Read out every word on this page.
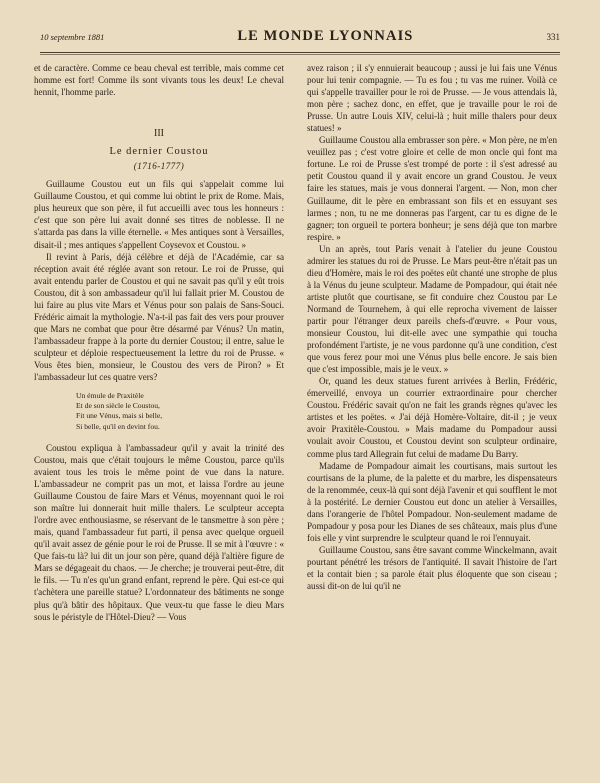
10 septembre 1881	LE MONDE LYONNAIS	331

et de caractère. Comme ce beau cheval est terrible, mais comme cet homme est fort! Comme ils sont vivants tous les deux! Le cheval hennit, l'homme parle.

III
Le dernier Coustou
(1716-1777)

Guillaume Coustou eut un fils qui s'appelait comme lui Guillaume Coustou, et qui comme lui obtint le prix de Rome. Mais, plus heureux que son père, il fut accueilli avec tous les honneurs : c'est que son père lui avait donné ses titres de noblesse. Il ne s'attarda pas dans la ville éternelle. « Mes antiques sont à Versailles, disait-il ; mes antiques s'appellent Coysevox et Coustou. »

Il revint à Paris, déjà célèbre et déjà de l'Académie, car sa réception avait été réglée avant son retour. Le roi de Prusse, qui avait entendu parler de Coustou et qui ne savait pas qu'il y eût trois Coustou, dit à son ambassadeur qu'il lui fallait prier M. Coustou de lui faire au plus vite Mars et Vénus pour son palais de Sans-Souci. Frédéric aimait la mythologie. N'a-t-il pas fait des vers pour prouver que Mars ne combat que pour être désarmé par Vénus? Un matin, l'ambassadeur frappe à la porte du dernier Coustou; il entre, salue le sculpteur et déploie respectueusement la lettre du roi de Prusse. « Vous êtes bien, monsieur, le Coustou des vers de Piron? » Et l'ambassadeur lut ces quatre vers?

Un émule de Praxitèle
Et de son siècle le Coustou,
Fit une Vénus, mais si belle,
Si belle, qu'il en devint fou.

Coustou expliqua à l'ambassadeur qu'il y avait la trinité des Coustou, mais que c'était toujours le même Coustou, parce qu'ils avaient tous les trois le même point de vue dans la nature. L'ambassadeur ne comprit pas un mot, et laissa l'ordre au jeune Guillaume Coustou de faire Mars et Vénus, moyennant quoi le roi son maître lui donnerait huit mille thalers. Le sculpteur accepta l'ordre avec enthousiasme, se réservant de le tansmettre à son père ; mais, quand l'ambassadeur fut parti, il pensa avec quelque orgueil qu'il avait assez de génie pour le roi de Prusse. Il se mit à l'œuvre : « Que fais-tu là? lui dit un jour son père, quand déjà l'altière figure de Mars se dégageait du chaos. — Je cherche; je trouverai peut-être, dit le fils. — Tu n'es qu'un grand enfant, reprend le père. Qui est-ce qui t'achètera une pareille statue? L'ordonnateur des bâtiments ne songe plus qu'à bâtir des hôpitaux. Que veux-tu que fasse le dieu Mars sous le péristyle de l'Hôtel-Dieu? — Vous

avez raison ; il s'y ennuierait beaucoup ; aussi je lui fais une Vénus pour lui tenir compagnie. — Tu es fou ; tu vas me ruiner. Voilà ce qui s'appelle travailler pour le roi de Prusse. — Je vous attendais là, mon père ; sachez donc, en effet, que je travaille pour le roi de Prusse. Un autre Louis XIV, celui-là ; huit mille thalers pour deux statues! »

Guillaume Coustou alla embrasser son père. « Mon père, ne m'en veuillez pas ; c'est votre gloire et celle de mon oncle qui font ma fortune. Le roi de Prusse s'est trompé de porte : il s'est adressé au petit Coustou quand il y avait encore un grand Coustou. Je veux faire les statues, mais je vous donnerai l'argent. — Non, mon cher Guillaume, dit le père en embrassant son fils et en essuyant ses larmes ; non, tu ne me donneras pas l'argent, car tu es digne de le gagner; ton orgueil te portera bonheur; je sens déjà que ton marbre respire. »

Un an après, tout Paris venait à l'atelier du jeune Coustou admirer les statues du roi de Prusse. Le Mars peut-être n'était pas un dieu d'Homère, mais le roi des poëtes eût chanté une strophe de plus à la Vénus du jeune sculpteur. Madame de Pompadour, qui était née artiste plutôt que courtisane, se fit conduire chez Coustou par Le Normand de Tournehem, à qui elle reprocha vivement de laisser partir pour l'étranger deux pareils chefs-d'œuvre. « Pour vous, monsieur Coustou, lui dit-elle avec une sympathie qui toucha profondément l'artiste, je ne vous pardonne qu'à une condition, c'est que vous ferez pour moi une Vénus plus belle encore. Je sais bien que c'est impossible, mais je le veux. »

Or, quand les deux statues furent arrivées à Berlin, Frédéric, émerveillé, envoya un courrier extraordinaire pour chercher Coustou. Frédéric savait qu'on ne fait les grands règnes qu'avec les artistes et les poëtes. « J'ai déjà Homère-Voltaire, dit-il ; je veux avoir Praxitèle-Coustou. » Mais madame du Pompadour aussi voulait avoir Coustou, et Coustou devint son sculpteur ordinaire, comme plus tard Allegrain fut celui de madame Du Barry.

Madame de Pompadour aimait les courtisans, mais surtout les courtisans de la plume, de la palette et du marbre, les dispensateurs de la renommée, ceux-là qui sont déjà l'avenir et qui soufflent le mot à la postérité. Le dernier Coustou eut donc un atelier à Versailles, dans l'orangerie de l'hôtel Pompadour. Non-seulement madame de Pompadour y posa pour les Dianes de ses châteaux, mais plus d'une fois elle y vint surprendre le sculpteur quand le roi l'ennuyait.

Guillaume Coustou, sans être savant comme Winckelmann, avait pourtant pénétré les trésors de l'antiquité. Il savait l'histoire de l'art et la contait bien ; sa parole était plus éloquente que son ciseau ; aussi dit-on de lui qu'il ne
